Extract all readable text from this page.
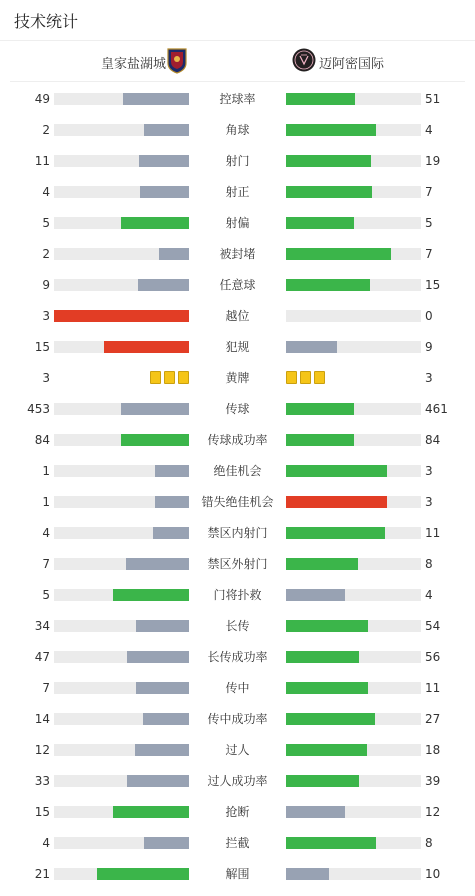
技术统计
皇家盐湖城	迈阿密国际
49	控球率	51
2	角球	4
11	射门	19
4	射正	7
5	射偏	5
2	被封堵	7
9	任意球	15
3	越位	0
15	犯规	9
3	黄牌	3
453	传球	461
84	传球成功率	84
1	绝佳机会	3
1	错失绝佳机会	3
4	禁区内射门	11
7	禁区外射门	8
5	门将扑救	4
34	长传	54
47	长传成功率	56
7	传中	11
14	传中成功率	27
12	过人	18
33	过人成功率	39
15	抢断	12
4	拦截	8
21	解围	10
